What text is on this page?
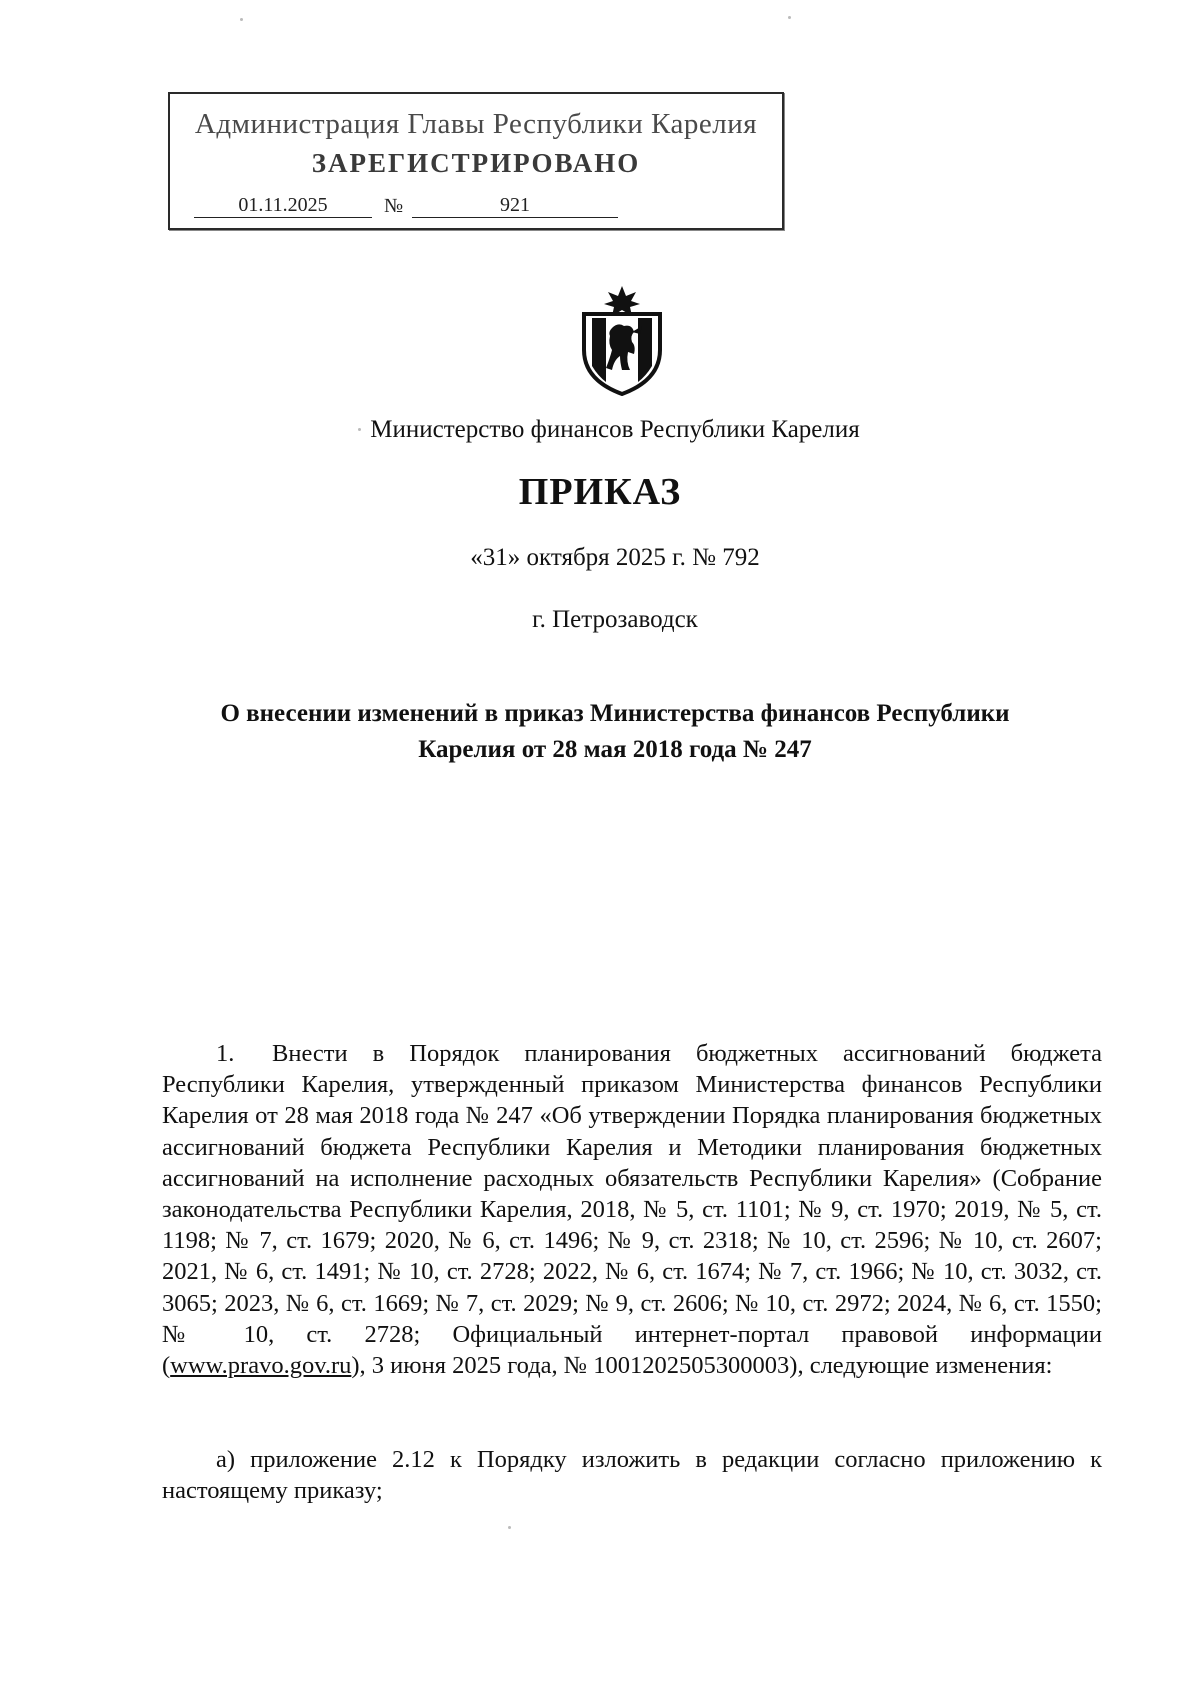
Администрация Главы Республики Карелия
ЗАРЕГИСТРИРОВАНО
01.11.2025	№	921
Министерство финансов Республики Карелия
ПРИКАЗ
«31» октября 2025 г. № 792
г. Петрозаводск
О внесении изменений в приказ Министерства финансов Республики
Карелия от 28 мая 2018 года № 247
1. Внести в Порядок планирования бюджетных ассигнований бюджета Республики Карелия, утвержденный приказом Министерства финансов Республики Карелия от 28 мая 2018 года № 247 «Об утверждении Порядка планирования бюджетных ассигнований бюджета Республики Карелия и Методики планирования бюджетных ассигнований на исполнение расходных обязательств Республики Карелия» (Собрание законодательства Республики Карелия, 2018, № 5, ст. 1101; № 9, ст. 1970; 2019, № 5, ст. 1198; № 7, ст. 1679; 2020, № 6, ст. 1496; № 9, ст. 2318; № 10, ст. 2596; № 10, ст. 2607; 2021, № 6, ст. 1491; № 10, ст. 2728; 2022, № 6, ст. 1674; № 7, ст. 1966; № 10, ст. 3032, ст. 3065; 2023, № 6, ст. 1669; № 7, ст. 2029; № 9, ст. 2606; № 10, ст. 2972; 2024, № 6, ст. 1550; № 10, ст. 2728; Официальный интернет-портал правовой информации (www.pravo.gov.ru), 3 июня 2025 года, № 1001202505300003), следующие изменения:
а) приложение 2.12 к Порядку изложить в редакции согласно приложению к настоящему приказу;
